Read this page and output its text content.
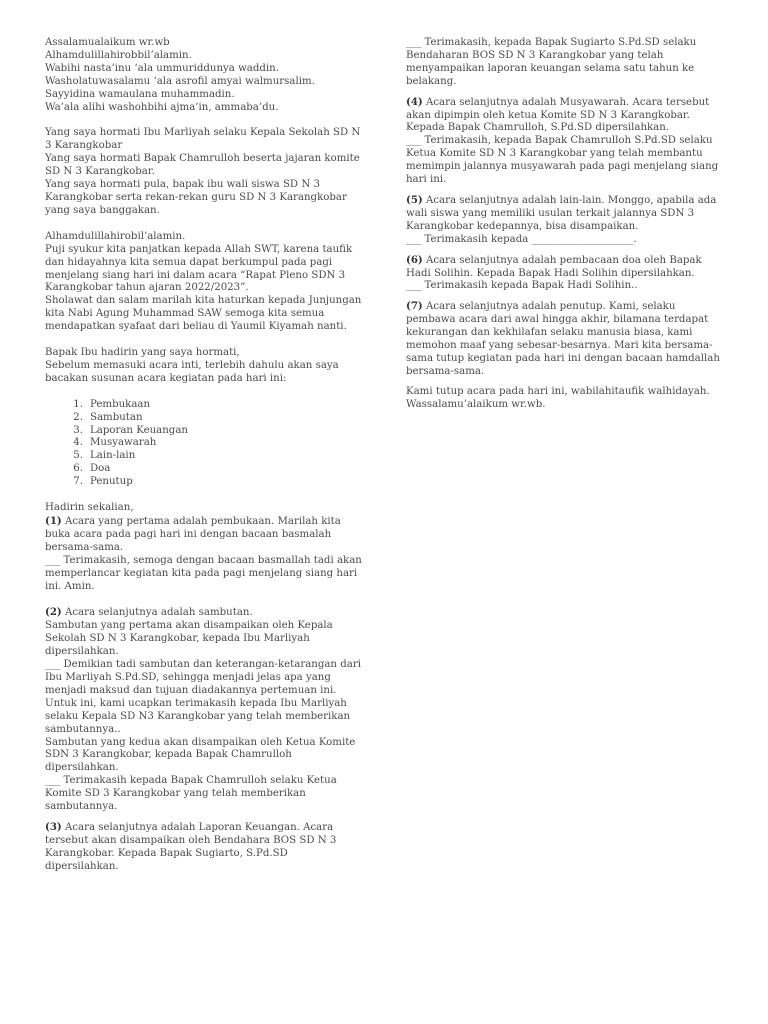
Assalamualaikum wr.wb

Alhamdulillahirobbil’alamin.

Wabihi nasta’inu ‘ala ummuriddunya waddin.

Washolatuwasalamu ‘ala asrofil amyai walmursalim.

Sayyidina wamaulana muhammadin.

Wa’ala alihi washohbihi ajma’in, ammaba’du.

Yang saya hormati Ibu Marliyah selaku Kepala Sekolah SD N 3 Karangkobar

Yang saya hormati Bapak Chamrulloh beserta jajaran komite SD N 3 Karangkobar.

Yang saya hormati pula, bapak ibu wali siswa SD N 3 Karangkobar serta rekan-rekan guru SD N 3 Karangkobar yang saya banggakan.

Alhamdulillahirobil’alamin.

Puji syukur kita panjatkan kepada Allah SWT, karena taufik dan hidayahnya kita semua dapat berkumpul pada pagi menjelang siang hari ini dalam acara “Rapat Pleno SDN 3 Karangkobar tahun ajaran 2022/2023”.

Sholawat dan salam marilah kita haturkan kepada Junjungan kita Nabi Agung Muhammad SAW semoga kita semua mendapatkan syafaat dari beliau di Yaumil Kiyamah nanti.

Bapak Ibu hadirin yang saya hormati,

Sebelum memasuki acara inti, terlebih dahulu akan saya bacakan susunan acara kegiatan pada hari ini:

1. Pembukaan
2. Sambutan
3. Laporan Keuangan
4. Musyawarah
5. Lain-lain
6. Doa
7. Penutup

Hadirin sekalian,

(1) Acara yang pertama adalah pembukaan. Marilah kita buka acara pada pagi hari ini dengan bacaan basmalah bersama-sama.

___ Terimakasih, semoga dengan bacaan basmallah tadi akan memperlancar kegiatan kita pada pagi menjelang siang hari ini. Amin.

(2) Acara selanjutnya adalah sambutan.

Sambutan yang pertama akan disampaikan oleh Kepala Sekolah SD N 3 Karangkobar, kepada Ibu Marliyah dipersilahkan.

___ Demikian tadi sambutan dan keterangan-ketarangan dari Ibu Marliyah S.Pd.SD, sehingga menjadi jelas apa yang menjadi maksud dan tujuan diadakannya pertemuan ini. Untuk ini, kami ucapkan terimakasih kepada Ibu Marliyah selaku Kepala SD N3 Karangkobar yang telah memberikan sambutannya..

Sambutan yang kedua akan disampaikan oleh Ketua Komite SDN 3 Karangkobar, kepada Bapak Chamrulloh dipersilahkan.

___ Terimakasih kepada Bapak Chamrulloh selaku Ketua Komite SD 3 Karangkobar yang telah memberikan sambutannya.

(3) Acara selanjutnya adalah Laporan Keuangan. Acara tersebut akan disampaikan oleh Bendahara BOS SD N 3 Karangkobar. Kepada Bapak Sugiarto, S.Pd.SD dipersilahkan.

___ Terimakasih, kepada Bapak Sugiarto S.Pd.SD selaku Bendaharan BOS SD N 3 Karangkobar yang telah menyampaikan laporan keuangan selama satu tahun ke belakang.

(4) Acara selanjutnya adalah Musyawarah. Acara tersebut akan dipimpin oleh ketua Komite SD N 3 Karangkobar. Kepada Bapak Chamrulloh, S.Pd.SD dipersilahkan.

___ Terimakasih, kepada Bapak Chamrulloh S.Pd.SD selaku Ketua Komite SD N 3 Karangkobar yang telah membantu memimpin jalannya musyawarah pada pagi menjelang siang hari ini.

(5) Acara selanjutnya adalah lain-lain. Monggo, apabila ada wali siswa yang memiliki usulan terkait jalannya SDN 3 Karangkobar kedepannya, bisa disampaikan.

___ Terimakasih kepada ____________________.

(6) Acara selanjutnya adalah pembacaan doa oleh Bapak Hadi Solihin. Kepada Bapak Hadi Solihin dipersilahkan.

___ Terimakasih kepada Bapak Hadi Solihin..

(7) Acara selanjutnya adalah penutup. Kami, selaku pembawa acara dari awal hingga akhir, bilamana terdapat kekurangan dan kekhilafan selaku manusia biasa, kami memohon maaf yang sebesar-besarnya. Mari kita bersama-sama tutup kegiatan pada hari ini dengan bacaan hamdallah bersama-sama.

Kami tutup acara pada hari ini, wabilahitaufik walhidayah. Wassalamu’alaikum wr.wb.
